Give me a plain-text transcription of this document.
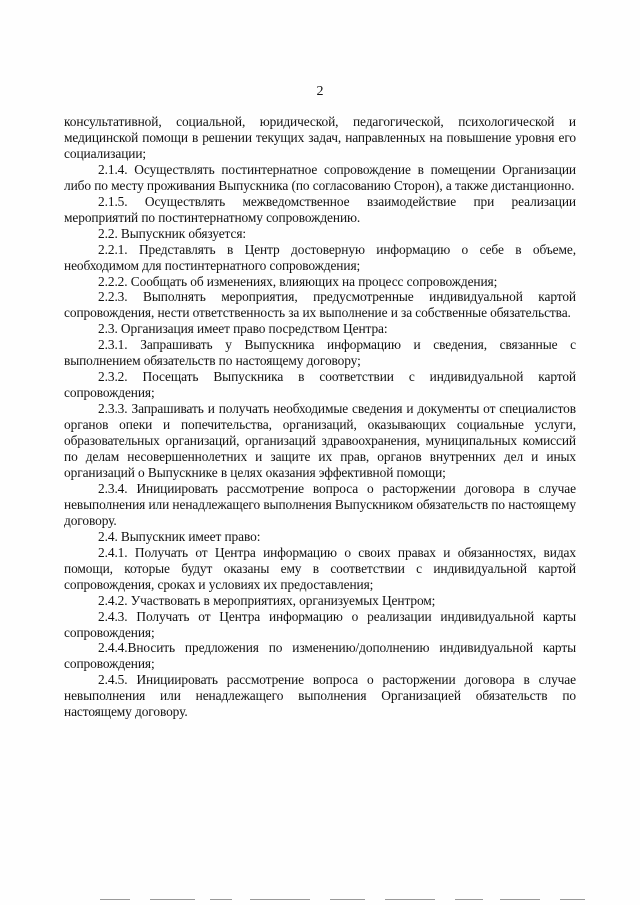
2

консультативной, социальной, юридической, педагогической, психологической и медицинской помощи в решении текущих задач, направленных на повышение уровня его социализации;

2.1.4. Осуществлять постинтернатное сопровождение в помещении Организации либо по месту проживания Выпускника (по согласованию Сторон), а также дистанционно.

2.1.5. Осуществлять межведомственное взаимодействие при реализации мероприятий по постинтернатному сопровождению.

2.2. Выпускник обязуется:

2.2.1. Представлять в Центр достоверную информацию о себе в объеме, необходимом для постинтернатного сопровождения;

2.2.2. Сообщать об изменениях, влияющих на процесс сопровождения;

2.2.3. Выполнять мероприятия, предусмотренные индивидуальной картой сопровождения, нести ответственность за их выполнение и за собственные обязательства.

2.3. Организация имеет право посредством Центра:

2.3.1. Запрашивать у Выпускника информацию и сведения, связанные с выполнением обязательств по настоящему договору;

2.3.2. Посещать Выпускника в соответствии с индивидуальной картой сопровождения;

2.3.3. Запрашивать и получать необходимые сведения и документы от специалистов органов опеки и попечительства, организаций, оказывающих социальные услуги, образовательных организаций, организаций здравоохранения, муниципальных комиссий по делам несовершеннолетних и защите их прав, органов внутренних дел и иных организаций о Выпускнике в целях оказания эффективной помощи;

2.3.4. Инициировать рассмотрение вопроса о расторжении договора в случае невыполнения или ненадлежащего выполнения Выпускником обязательств по настоящему договору.

2.4. Выпускник имеет право:

2.4.1. Получать от Центра информацию о своих правах и обязанностях, видах помощи, которые будут оказаны ему в соответствии с индивидуальной картой сопровождения, сроках и условиях их предоставления;

2.4.2. Участвовать в мероприятиях, организуемых Центром;

2.4.3. Получать от Центра информацию о реализации индивидуальной карты сопровождения;

2.4.4.Вносить предложения по изменению/дополнению индивидуальной карты сопровождения;

2.4.5. Инициировать рассмотрение вопроса о расторжении договора в случае невыполнения или ненадлежащего выполнения Организацией обязательств по настоящему договору.
